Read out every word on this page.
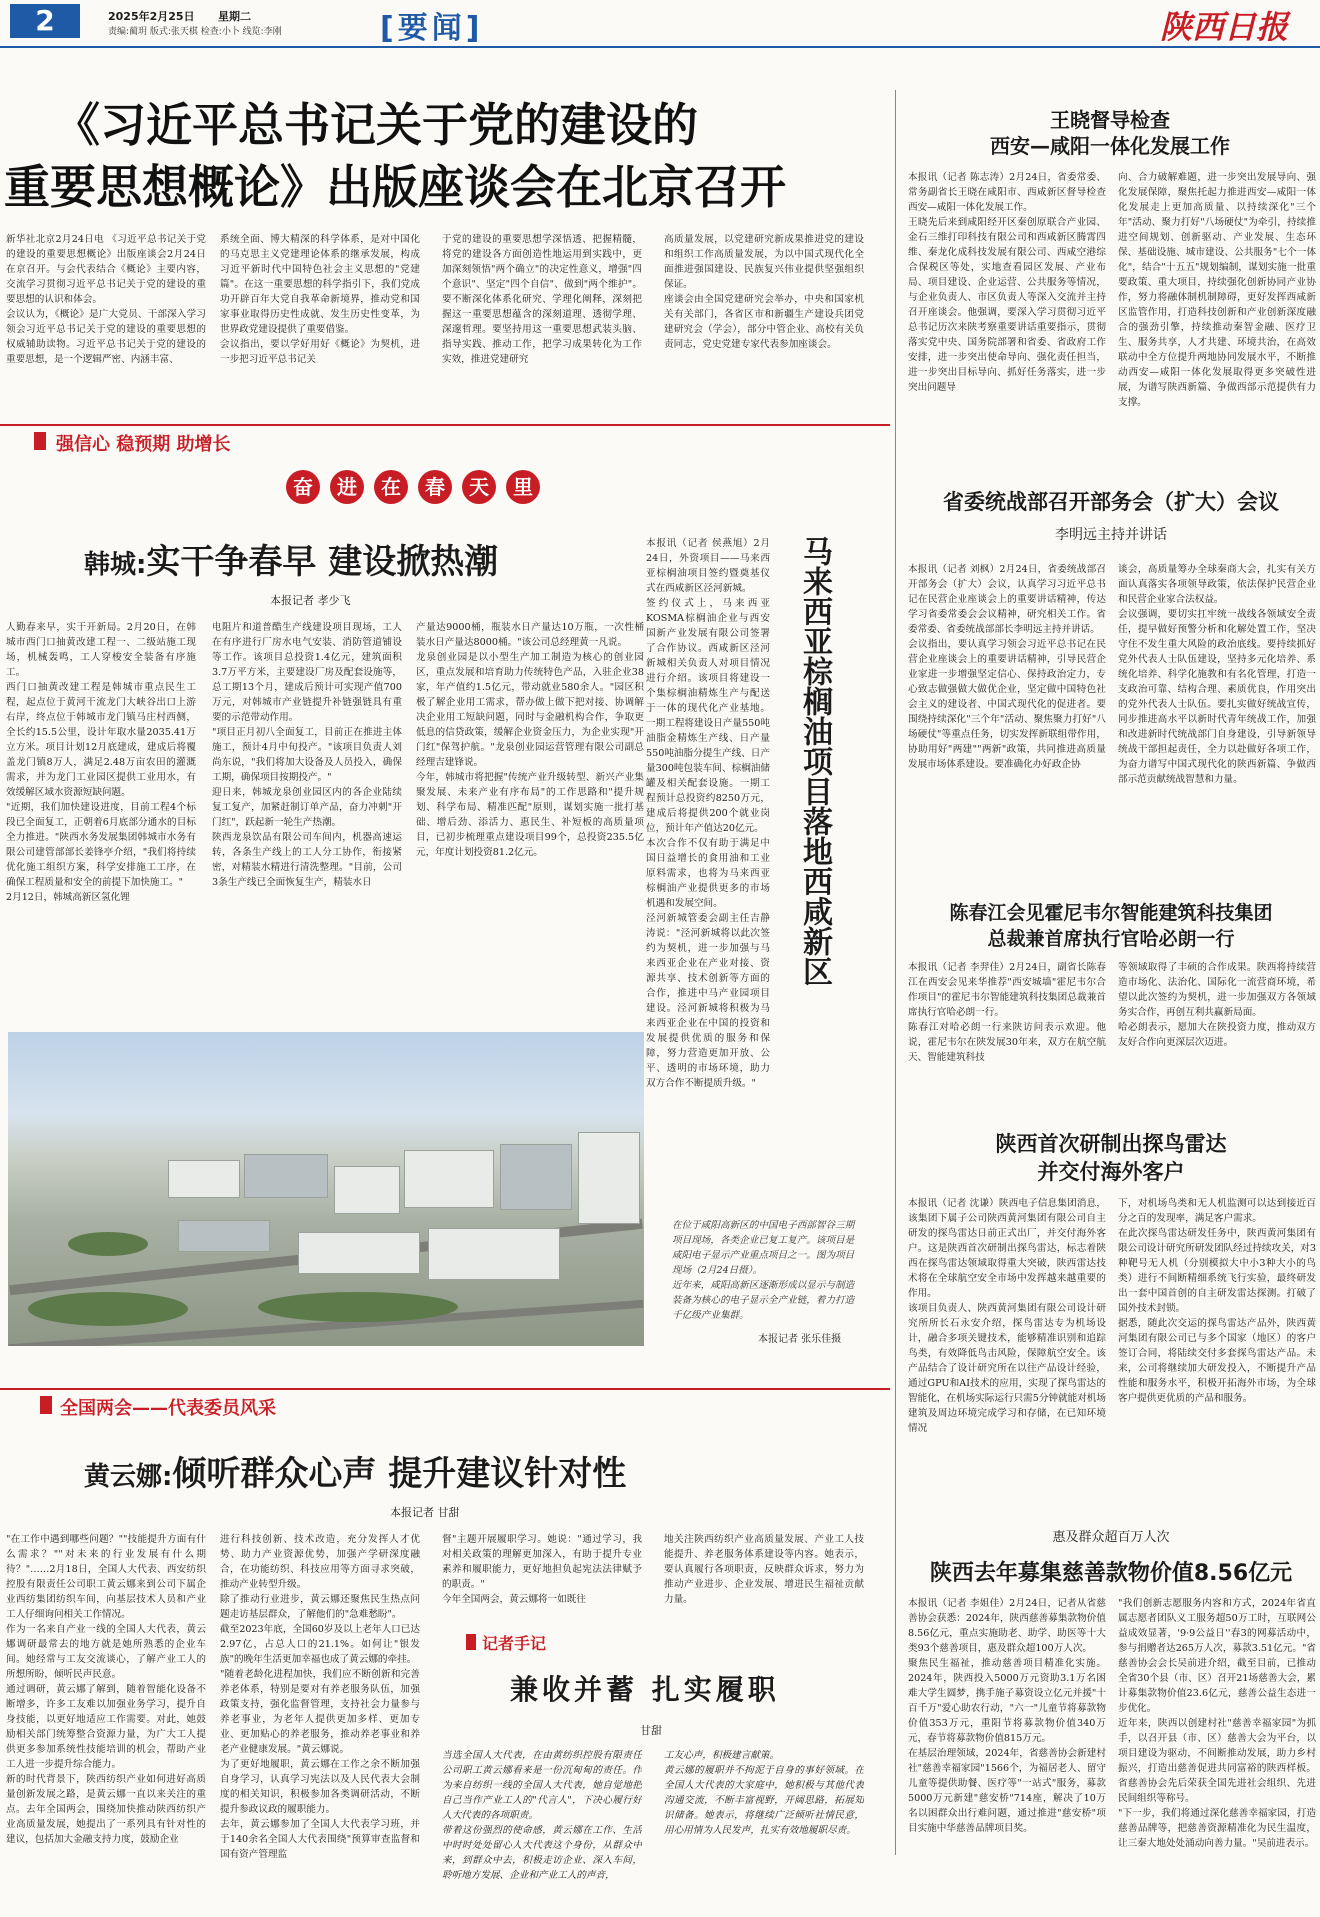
2	2025年2月25日 星期二
责编:蔺玥 版式:张天棋 检查:小卜 线览:李刚	[要闻]	陕西日报
《习近平总书记关于党的建设的
重要思想概论》出版座谈会在北京召开
新华社北京2月24日电 《习近平总书记关于党的建设的重要思想概论》出版座谈会2月24日在京召开。与会代表结合《概论》主要内容，交流学习贯彻习近平总书记关于党的建设的重要思想的认识和体会。
会议认为，《概论》是广大党员、干部深入学习领会习近平总书记关于党的建设的重要思想的权威辅助读物。习近平总书记关于党的建设的重要思想，是一个逻辑严密、内涵丰富、
系统全面、博大精深的科学体系，是对中国化的马克思主义党建理论体系的继承发展，构成习近平新时代中国特色社会主义思想的"党建篇"。在这一重要思想的科学指引下，我们党成功开辟百年大党自我革命新境界，推动党和国家事业取得历史性成就、发生历史性变革，为世界政党建设提供了重要借鉴。
会议指出，要以学好用好《概论》为契机，进一步把习近平总书记关
于党的建设的重要思想学深悟透、把握精髓，将党的建设各方面创造性地运用到实践中，更加深刻领悟"两个确立"的决定性意义，增强"四个意识"、坚定"四个自信"、做到"两个维护"。要不断深化体系化研究、学理化阐释，深刻把握这一重要思想蕴含的深刻道理、透彻学理、深邃哲理。要坚持用这一重要思想武装头脑、指导实践、推动工作，把学习成果转化为工作实效，推进党建研究
高质量发展，以党建研究新成果推进党的建设和组织工作高质量发展，为以中国式现代化全面推进强国建设、民族复兴伟业提供坚强组织保证。
座谈会由全国党建研究会举办，中央和国家机关有关部门，各省区市和新疆生产建设兵团党建研究会（学会），部分中管企业、高校有关负责同志，党史党建专家代表参加座谈会。
王晓督导检查
西安—咸阳一体化发展工作
本报讯（记者 陈志涛）2月24日，省委常委、常务副省长王晓在咸阳市、西咸新区督导检查西安—咸阳一体化发展工作。
王晓先后来到咸阳经开区秦创原联合产业园、金石三维打印科技有限公司和西咸新区腾霄四维、秦龙化成科技发展有限公司、西咸空港综合保税区等处，实地查看园区发展、产业布局、项目建设、企业运营、公共服务等情况，与企业负责人、市区负责人等深入交流并主持召开座谈会。他强调，要深入学习贯彻习近平总书记历次来陕考察重要讲话重要指示，贯彻落实党中央、国务院部署和省委、省政府工作安排，进一步突出使命导向、强化责任担当，进一步突出目标导向、抓好任务落实，进一步突出问题导
向、合力破解难题，进一步突出发展导向、强化发展保障，聚焦托起力推进西安—咸阳一体化发展走上更加高质量、以持续深化"三个年"活动、聚力打好"八场硬仗"为牵引，持续推进空间规划、创新驱动、产业发展、生态环保、基础设施、城市建设、公共服务"七个一体化"，结合"十五五"规划编制，谋划实施一批重要政策、重大项目，持续强化创新协同产业协作，努力将融体制机制障碍，更好发挥西咸新区监管作用，打造科技创新和产业创新深度融合的强劲引擎，持续推动秦智金融、医疗卫生、服务共享，人才共建、环境共治，在高效联动中全方位提升两地协同发展水平，不断推动西安—咸阳一体化发展取得更多突破性进展，为谱写陕西新篇、争做西部示范提供有力支撑。
强信心 稳预期 助增长
奋 进 在 春 天 里
韩城:实干争春早 建设掀热潮
本报记者 孝少飞
人勤春来早，实干开新局。2月20日，在韩城市西门口抽黄改建工程一、二级站施工现场，机械轰鸣，工人穿梭安全装备有序施工。
西门口抽黄改建工程是韩城市重点民生工程，起点位于黄河干流龙门大峡谷出口上游右岸，终点位于韩城市龙门镇马庄村西侧，全长约15.5公里，设计年取水量2035.41万立方米。项目计划12月底建成，建成后将覆盖龙门镇8万人，满足2.48万亩农田的灌溉需求，并为龙门工业园区提供工业用水，有效缓解区域水资源短缺问题。
"近期，我们加快建设进度，目前工程4个标段已全面复工，正朝着6月底部分通水的目标全力推进。"陕西水务发展集团韩城市水务有限公司建管部部长姜锋亭介绍，"我们将持续优化施工组织方案，科学安排施工工序，在确保工程质量和安全的前提下加快施工。"
2月12日，韩城高新区氢化锂
电阻片和道普酷生产线建设项目现场，工人在有序进行厂房水电气安装、消防管道铺设等工作。该项目总投资1.4亿元，建筑面积3.7万平方米，主要建设厂房及配套设施等，总工期13个月，建成后预计可实现产值700万元，对韩城市产业链提升补链强链具有重要的示范带动作用。
"项目正月初八全面复工，目前正在推进主体施工，预计4月中旬投产。"该项目负责人刘尚东说，"我们将加大设备及人员投入，确保工期，确保项目按期投产。"
迎日来，韩城龙泉创业园区内的各企业陆续复工复产，加紧赶制订单产品，奋力冲刺"开门红"，跃起新一轮生产热潮。
陕西龙泉饮品有限公司车间内，机器高速运转，各条生产线上的工人分工协作，衔接紧密，对精装水精进行清洗整理。"目前，公司3条生产线已全面恢复生产，精装水日
产量达9000桶，瓶装水日产量达10万瓶，一次性桶装水日产量达8000桶。"该公司总经理黄一凡说。
龙泉创业园是以小型生产加工制造为核心的创业园区，重点发展和培育助力传统特色产品，入驻企业38家，年产值约1.5亿元，带动就业580余人。"园区积极了解企业用工需求，帮办做上做下把对接、协调解决企业用工短缺问题，同时与金融机构合作，争取更低息的信贷政策，缓解企业资金压力，为企业实现"开门红"保驾护航。"龙泉创业园运营管理有限公司副总经理吉建锋说。
今年，韩城市将把握"传统产业升级转型、新兴产业集聚发展、未来产业有序布局"的工作思路和"提升规划、科学布局、精准匹配"原则，谋划实施一批打基础、增后劲、添活力、惠民生、补短板的高质量项目，已初步梳理重点建设项目99个，总投资235.5亿元，年度计划投资81.2亿元。
本报讯（记者 侯燕旭）2月24日，外资项目——马来西亚棕榈油项目签约暨奠基仪式在西咸新区泾河新城。
签约仪式上，马来西亚KOSMA棕榈油企业与西安国新产业发展有限公司签署了合作协议。西咸新区泾河新城相关负责人对项目情况进行介绍。该项目将建设一个集棕榈油精炼生产与配送于一体的现代化产业基地。一期工程将建设日产量550吨油脂金精炼生产线、日产量550吨油脂分提生产线、日产量300吨包装车间、棕榈油储罐及相关配套设施。一期工程预计总投资约8250万元，建成后将提供200个就业岗位，预计年产值达20亿元。
本次合作不仅有助于满足中国日益增长的食用油和工业原料需求，也将为马来西亚棕榈油产业提供更多的市场机遇和发展空间。
泾河新城管委会副主任吉静涛说："泾河新城将以此次签约为契机，进一步加强与马来西亚企业在产业对接、资源共享、技术创新等方面的合作，推进中马产业园项目建设。泾河新城将积极为马来西亚企业在中国的投资和发展提供优质的服务和保障，努力营造更加开放、公平、透明的市场环境，助力双方合作不断提质升级。"
马来西亚棕榈油项目落地西咸新区
在位于咸阳高新区的中国电子西部智谷三期项目现场，各类企业已复工复产。该项目是咸阳电子显示产业重点项目之一。图为项目现场（2月24日摄）。
近年来，咸阳高新区逐渐形成以显示与制造装备为核心的电子显示全产业链，着力打造千亿级产业集群。
本报记者 张乐佳摄
省委统战部召开部务会（扩大）会议
李明远主持并讲话
本报讯（记者 刘枫）2月24日，省委统战部召开部务会（扩大）会议，认真学习习近平总书记在民营企业座谈会上的重要讲话精神，传达学习省委常委会会议精神，研究相关工作。省委常委、省委统战部部长李明远主持并讲话。
会议指出，要认真学习领会习近平总书记在民营企业座谈会上的重要讲话精神，引导民营企业家进一步增强坚定信心、保持政治定力，专心致志做强做大做优企业，坚定做中国特色社会主义的建设者、中国式现代化的促进者。要围绕持续深化"三个年"活动、聚焦聚力打好"八场硬仗"等重点任务，切实发挥新联组带作用，协助用好"两建""两新"政策，共同推进高质量发展市场体系建设。要准确化办好政企协
谈会，高质量筹办全球秦商大会，扎实有关方面认真落实各项领导政策，依法保护民营企业和民营企业家合法权益。
会议强调，要切实扛牢统一战线各领域安全责任，提早做好预警分析和化解处置工作，坚决守住不发生重大风险的政治底线。要持续抓好党外代表人士队伍建设，坚持多元化培养、系统化培养、科学化施教和有名化管理，打造一支政治可靠、结构合理、素质优良，作用突出的党外代表人士队伍。要扎实做好统战宣传，同步推进高水平以新时代青年统战工作，加强和改进新时代统战部门自身建设，引导新领导统战干部担起责任，全力以赴做好各项工作，为奋力谱写中国式现代化的陕西新篇、争做西部示范贡献统战智慧和力量。
陈春江会见霍尼韦尔智能建筑科技集团
总裁兼首席执行官哈必朗一行
本报讯（记者 李羿佳）2月24日，副省长陈春江在西安会见来华推荐"西安城墙"霍尼韦尔合作项目"的霍尼韦尔智能建筑科技集团总裁兼首席执行官哈必朗一行。
陈春江对哈必朗一行来陕访问表示欢迎。他说，霍尼韦尔在陕发展30年来，双方在航空航天、智能建筑科技
等领域取得了丰硕的合作成果。陕西将持续营造市场化、法治化、国际化一流营商环境，希望以此次签约为契机，进一步加强双方各领域务实合作，再创互利共赢新局面。
哈必朗表示，愿加大在陕投资力度，推动双方友好合作向更深层次迈进。
陕西首次研制出探鸟雷达
并交付海外客户
本报讯（记者 沈谦）陕西电子信息集团消息，该集团下属子公司陕西黄河集团有限公司自主研发的探鸟雷达日前正式出厂，并交付海外客户。这是陕西首次研制出探鸟雷达，标志着陕西在探鸟雷达领域取得重大突破，陕西雷达技术将在全球航空安全市场中发挥越来越重要的作用。
该项目负责人、陕西黄河集团有限公司设计研究所所长石永安介绍，探鸟雷达专为机场设计，融合多项关键技术，能够精准识别和追踪鸟类，有效降低鸟击风险，保障航空安全。该产品结合了设计研究所在以往产品设计经验，通过GPU和AI技术的应用，实现了探鸟雷达的智能化，在机场实际运行只需5分钟就能对机场建筑及周边环境完成学习和存储，在已知环境情况
下，对机场鸟类和无人机监测可以达到接近百分之百的发现率，满足客户需求。
在此次探鸟雷达研发任务中，陕西黄河集团有限公司设计研究所研发团队经过持续攻关，对3种靶号无人机（分别模拟大中小3种大小的鸟类）进行不间断精细系统飞行实验，最终研发出一套中国首创的自主研发雷达探测。打破了国外技术封锁。
据悉，随此次交运的探鸟雷达产品外，陕西黄河集团有限公司已与多个国家（地区）的客户签订合同，将陆续交付多套探鸟雷达产品。未来，公司将继续加大研发投入，不断提升产品性能和服务水平，积极开拓海外市场，为全球客户提供更优质的产品和服务。
全国两会——代表委员风采
黄云娜:倾听群众心声 提升建议针对性
本报记者 甘甜
"在工作中遇到哪些问题？""技能提升方面有什么需求？""对未来的行业发展有什么期待？"……2月18日，全国人大代表、西安纺织控股有限责任公司职工黄云娜来到公司下属企业西纺集团纺织车间，向基层技术人员和产业工人仔细询问相关工作情况。
作为一名来自产业一线的全国人大代表，黄云娜调研最常去的地方就是她所熟悉的企业车间。她经常与工友交流谈心，了解产业工人的所想所盼，倾听民声民意。
通过调研，黄云娜了解到，随着智能化设备不断增多，许多工友难以加强业务学习，提升自身技能，以更好地适应工作需要。对此，她鼓励相关部门统筹整合资源力量，为广大工人提供更多参加系统性技能培训的机会，帮助产业工人进一步提升综合能力。
新的时代背景下，陕西纺织产业如何进好高质量创新发展之路，是黄云娜一直以来关注的重点。去年全国两会，围绕加快推动陕西纺织产业高质量发展，她提出了一系列具有针对性的建议，包括加大金融支持力度，鼓励企业
进行科技创新、技术改造，充分发挥人才优势、助力产业资源优势，加强产学研深度融合，在功能纺织、科技应用等方面寻求突破，推动产业转型升级。
除了推动行业进步，黄云娜还聚焦民生热点问题走访基层群众，了解他们的"急难愁盼"。
截至2023年底，全国60岁及以上老年人口已达2.97亿，占总人口的21.1%。如何让"银发族"的晚年生活更加幸福也成了黄云娜的牵挂。
"随着老龄化进程加快，我们应不断创新和完善养老体系，特别是要对有养老服务队伍，加强政策支持，强化监督管理，支持社会力量参与养老事业，为老年人提供更加多样、更加专业、更加贴心的养老服务，推动养老事业和养老产业健康发展。"黄云娜说。
为了更好地履职，黄云娜在工作之余不断加强自身学习，认真学习宪法以及人民代表大会制度的相关知识，积极参加各类调研活动，不断提升参政议政的履职能力。
去年，黄云娜参加了全国人大代表学习班，并于140余名全国人大代表围绕"预算审查监督和国有资产管理监
督"主题开展履职学习。她说："通过学习，我对相关政策的理解更加深入，有助于提升专业素养和履职能力，更好地担负起宪法法律赋予的职责。"
今年全国两会，黄云娜将一如既往
地关注陕西纺织产业高质量发展、产业工人技能提升、养老服务体系建设等内容。她表示，要认真履行各项职责，反映群众诉求，努力为推动产业进步、企业发展、增进民生福祉贡献力量。
记者手记
兼收并蓄 扎实履职
甘甜
当选全国人大代表，在由黄纺织控股有限责任公司职工黄云娜看来是一份沉甸甸的责任。作为来自纺织一线的全国人大代表，她自觉地把自己当作产业工人的"代言人"，下决心履行好人大代表的各项职责。
带着这份强烈的使命感，黄云娜在工作、生活中时时处处留心人大代表这个身份，从群众中来，到群众中去，积极走访企业、深入车间，聆听地方发展、企业和产业工人的声音，
工友心声，积极建言献策。
黄云娜的履职并不拘泥于自身的事好领域。在全国人大代表的大家庭中，她积极与其他代表沟通交流，不断丰富视野，开阔思路，拓展知识储备。她表示，将继续广泛倾听社情民意，用心用情为人民发声，扎实有效地履职尽责。
惠及群众超百万人次
陕西去年募集慈善款物价值8.56亿元
本报讯（记者 李姐佳）2月24日，记者从省慈善协会获悉：2024年，陕西慈善募集款物价值8.56亿元，重点实施助老、助学、助医等十大类93个慈善项目，惠及群众超100万人次。
聚焦民生福祉，推动慈善项目精准化实施。2024年，陕西投入5000万元资助3.1万名困难大学生圆梦，携手施子募资设立亿元并援"十百千万"爱心助农行动，"六一"儿童节将募款物价值353万元，重阳节将募款物价值340万元，春节将募款物价值815万元。
在基层治理领域，2024年，省慈善协会新建村社"慈善幸福家园"1566个，为福居老人、留守儿童等提供助餐、医疗等"一站式"服务，募款5000万元新建"慈安桥"714座，解决了10万名以困群众出行难问题，通过推进"慈安桥"项目实施中华慈善品牌项目奖。
"我们创新志愿服务内容和方式，2024年省直属志愿者团队义工服务超50万工时，互联网公益成效显著，'9·9公益日''春3的网募活动中，参与捐赠者达265万人次，募款3.51亿元。"省慈善协会会长吴前进介绍，截至目前，已推动全省30个县（市、区）召开21场慈善大会，累计募集款物价值23.6亿元，慈善公益生态进一步优化。
近年来，陕西以创建村社"慈善幸福家园"为抓手，以召开县（市、区）慈善大会为平台，以项目建设为驱动，不间断推动发展，助力乡村振兴，打造出慈善促进共同富裕的陕西样板。省慈善协会先后荣获全国先进社会组织、先进民间组织等称号。
"下一步，我们将通过深化慈善幸福家园，打造慈善品牌等，把慈善资源精准化为民生温度，让三秦大地处处涌动向善力量。"吴前进表示。
